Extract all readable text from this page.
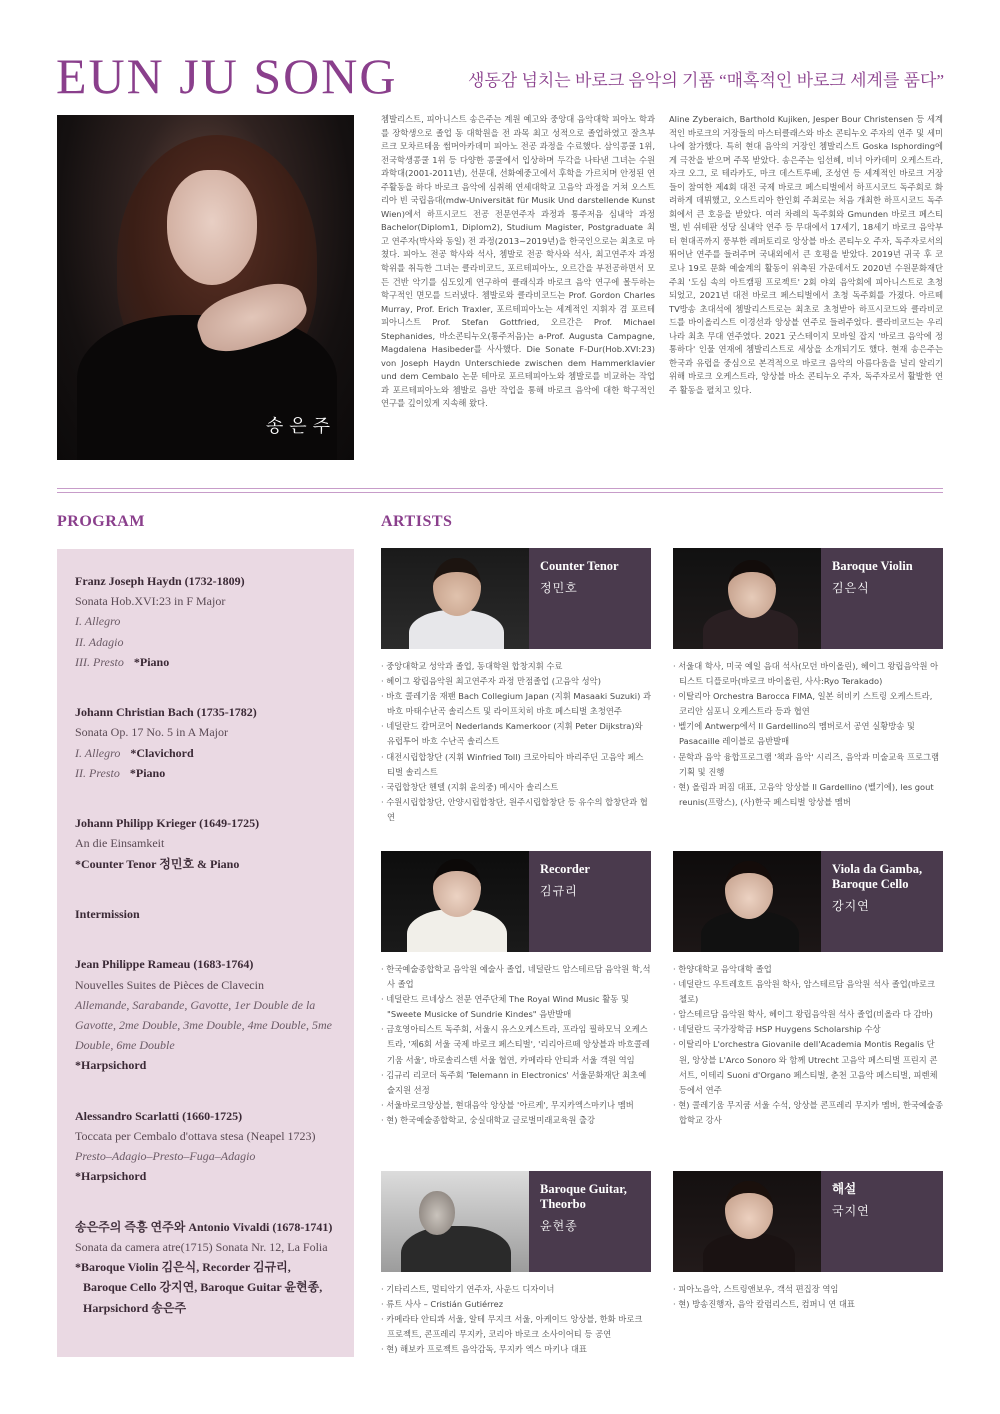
EUN JU SONG	생동감 넘치는 바로크 음악의 기품 “매혹적인 바로크 세계를 품다”
송은주

쳄발리스트, 피아니스트 송은주는 계원 예고와 중앙대 음악대학 피아노 학과를 장학생으로 졸업 동 대학원을 전 과목 최고 성적으로 졸업하였고 잘츠부르크 모차르테움 썸머아카데미 피아노 전공 과정을 수료했다. 삼익콩쿨 1위, 전국학생콩쿨 1위 등 다양한 콩쿨에서 입상하며 두각을 나타낸 그녀는 수원과학대(2001-2011년), 선문대, 선화예중고에서 후학을 가르치며 안정된 연주활동을 하다 바로크 음악에 심취해 연세대학교 고음악 과정을 거쳐 오스트리아 빈 국립음대(mdw-Universität für Musik Und darstellende Kunst Wien)에서 하프시코드 전공 전문연주자 과정과 통주저음 심내악 과정 Bachelor(Diplom1, Diplom2), Studium Magister, Postgraduate 최고 연주자(박사와 동일) 전 과정(2013~2019년)을 한국인으로는 최초로 마쳤다. 피아노 전공 학사와 석사, 쳄발로 전공 학사와 석사, 최고연주자 과정 학위를 취득한 그녀는 클라비코드, 포르테피아노, 오르간을 부전공하면서 모든 건반 악기를 심도있게 연구하여 클래식과 바로크 음악 연구에 몰두하는 학구적인 면모를 드러냈다. 쳄발로와 클라비코드는 Prof. Gordon Charles Murray, Prof. Erich Traxler, 포르테피아노는 세계적인 지휘자 겸 포르테피아니스트 Prof. Stefan Gottfried, 오르간은 Prof. Michael Stephanides, 바소콘티누오(통주저음)는 a-Prof. Augusta Campagne, Magdalena Hasibeder를 사사했다. Die Sonate F-Dur(Hob.XVI:23) von Joseph Haydn Unterschiede zwischen dem Hammerklavier und dem Cembalo 논문 테마로 포르테피아노와 쳄발로를 비교하는 작업과 포르테피아노와 쳄발로 음반 작업을 통해 바로크 음악에 대한 학구적인 연구를 깊이있게 지속해 왔다.

Aline Zyberaich, Barthold Kujiken, Jesper Bour Christensen 등 세계적인 바로크의 거장들의 마스터클래스와 바소 콘티누오 주자의 연주 및 세미나에 참가했다. 특히 현대 음악의 거장인 쳄발리스트 Goska Isphording에게 극찬을 받으며 주목 받았다. 송은주는 임선혜, 비너 아카데미 오케스트라, 자크 오그, 로 테라카도, 마크 데스트루베, 조성연 등 세계적인 바로크 거장들이 참여한 제4회 대전 국제 바로크 페스티벌에서 하프시코드 독주회로 화려하게 데뷔했고, 오스트리아 한인회 주최로는 처음 개최한 하프시코드 독주회에서 큰 호응을 받았다. 여러 차례의 독주회와 Gmunden 바로크 페스티벌, 빈 쉬테판 성당 실내악 연주 등 무대에서 17세기, 18세기 바로크 음악부터 현대곡까지 풍부한 레퍼토리로 앙상블 바소 콘티누오 주자, 독주자로서의 뛰어난 연주를 들려주며 국내외에서 큰 호평을 받았다. 2019년 귀국 후 코로나 19로 문화 예술계의 활동이 위축된 가운데서도 2020년 수원문화재단 주최 '도심 속의 아트캠핑 프로젝트' 2회 야외 음악회에 피아니스트로 초청되었고, 2021년 대전 바로크 페스티벌에서 초청 독주회를 가졌다. 아르떼 TV방송 초대석에 쳄발리스트로는 최초로 초청받아 하프시코드와 클라비코드를 바이올리스트 이경선과 앙상블 연주로 들려주었다. 클라비코드는 우리나라 최초 무대 연주였다. 2021 굿스테이지 모바일 잡지 '바로크 음악에 정통하다' 인물 연재에 쳄발리스트로 세상을 소개되기도 했다. 현재 송은주는 한국과 유럽을 중심으로 본격적으로 바로크 음악의 아름다움을 널리 알리기 위해 바로크 오케스트라, 앙상블 바소 콘티누오 주자, 독주자로서 활발한 연주 활동을 펼치고 있다.

PROGRAM	ARTISTS
Franz Joseph Haydn (1732-1809)
Sonata Hob.XVI:23 in F Major
I. Allegro
II. Adagio
III. Presto *Piano
Johann Christian Bach (1735-1782)
Sonata Op. 17 No. 5 in A Major
I. Allegro *Clavichord
II. Presto *Piano
Johann Philipp Krieger (1649-1725)
An die Einsamkeit
*Counter Tenor 정민호 & Piano
Intermission
Jean Philippe Rameau (1683-1764)
Nouvelles Suites de Pièces de Clavecin
Allemande, Sarabande, Gavotte, 1er Double de la
Gavotte, 2me Double, 3me Double, 4me Double, 5me
Double, 6me Double
*Harpsichord
Alessandro Scarlatti (1660-1725)
Toccata per Cembalo d'ottava stesa (Neapel 1723)
Presto–Adagio–Presto–Fuga–Adagio
*Harpsichord
송은주의 즉흥 연주와 Antonio Vivaldi (1678-1741)
Sonata da camera atre(1715) Sonata Nr. 12, La Folia
*Baroque Violin 김은식, Recorder 김규리,
Baroque Cello 강지연, Baroque Guitar 윤현종,
Harpsichord 송은주
Counter Tenor
정민호
· 중앙대학교 성악과 졸업, 동대학원 합창지휘 수료
· 헤이그 왕립음악원 최고연주자 과정 만점졸업 (고음악 성악)
· 바흐 콜레기움 재팬 Bach Collegium Japan (지휘 Masaaki Suzuki) 과 바흐 마태수난곡 솔리스트 및 라이프치히 바흐 페스티벌 초청연주
· 네덜란드 캄머코어 Nederlands Kamerkoor (지휘 Peter Dijkstra)와 유럽투어 바흐 수난곡 솔리스트
· 대전시립합창단 (지휘 Winfried Toll) 크로아티아 바리주딘 고음악 페스티벌 솔리스트
· 국립합창단 헨델 (지휘 윤의중) 메시아 솔리스트
· 수원시립합창단, 안양시립합창단, 원주시립합창단 등 유수의 합창단과 협연
Baroque Violin
김은식
· 서울대 학사, 미국 예일 음대 석사(모던 바이올린), 헤이그 왕립음악원 아티스트 디플로마(바로크 바이올린, 사사:Ryo Terakado)
· 이탈리아 Orchestra Barocca FIMA, 일본 히비키 스트링 오케스트라, 코리안 심포니 오케스트라 등과 협연
· 벨기에 Antwerp에서 Il Gardellino의 멤버로서 공연 실황방송 및 Pasacaille 레이블로 음반발매
· 문학과 음악 융합프로그램 '책과 음악' 시리즈, 음악과 미술교육 프로그램 기획 및 진행
· 현) 올림과 퍼짐 대표, 고음악 앙상블 Il Gardellino (벨기에), les gout reunis(프랑스), (사)한국 페스티벌 앙상블 멤버
Recorder
김규리
· 한국예술종합학교 음악원 예술사 졸업, 네덜란드 암스테르담 음악원 학,석사 졸업
· 네덜란드 르네상스 전문 연주단체 The Royal Wind Music 활동 및 "Sweete Musicke of Sundrie Kindes" 음반발매
· 금호영아티스트 독주회, 서울시 유스오케스트라, 프라임 필하모닉 오케스트라, '제6회 서울 국제 바로크 페스티벌', '리리아르떼 앙상블과 바흐콜레기움 서울', 바로솔리스텐 서울 협연, 카메라타 안티콰 서울 객원 역임
· 김규리 리코더 독주회 'Telemann in Electronics' 서울문화재단 최초예술지원 선정
· 서울바로크앙상블, 현대음악 앙상블 '아르케', 무지카엑스마키나 멤버
· 현) 한국예술종합학교, 숭실대학교 글로벌미래교육원 출강
Viola da Gamba, Baroque Cello
강지연
· 한양대학교 음악대학 졸업
· 네덜란드 우트레흐트 음악원 학사, 암스테르담 음악원 석사 졸업(바로크 첼로)
· 암스테르담 음악원 학사, 헤이그 왕립음악원 석사 졸업(비올라 다 감바)
· 네덜란드 국가장학금 HSP Huygens Scholarship 수상
· 이탈리아 L'orchestra Giovanile dell'Academia Montis Regalis 단원, 앙상블 L'Arco Sonoro 와 함께 Utrecht 고음악 페스티벌 프린지 콘서트, 이테리 Suoni d'Organo 페스티벌, 춘천 고음악 페스티벌, 피렌체 등에서 연주
· 현) 콜레기움 무지쿰 서울 수석, 앙상블 콘프레리 무지카 멤버, 한국예술종합학교 강사
Baroque Guitar, Theorbo
윤현종
· 기타리스트, 멀티악기 연주자, 사운드 디자이너
· 류트 사사 – Cristián Gutiérrez
· 카메라타 안티콰 서울, 알테 무지크 서울, 아케이드 앙상블, 한화 바로크 프로젝트, 콘프레리 무지카, 코리아 바로크 소사이어티 등 공연
· 현) 해보카 프로젝트 음악감독, 무지카 엑스 마키나 대표
해설
국지연
· 피아노음악, 스트링앤보우, 객석 편집장 역임
· 현) 방송진행자, 음악 칼럼리스트, 컴퍼니 연 대표
